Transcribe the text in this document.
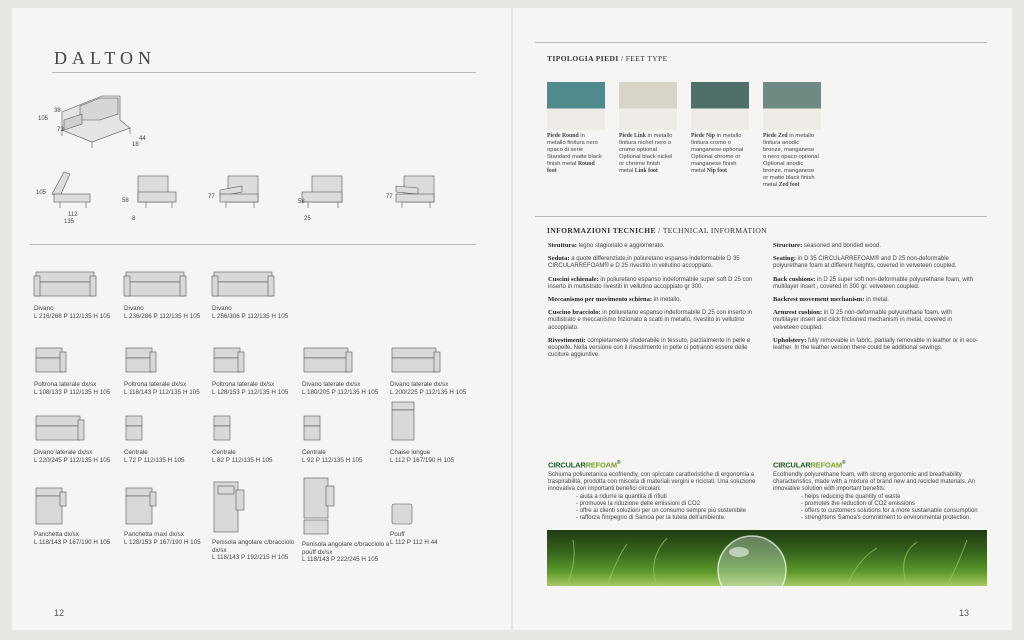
DALTON
105
38
73
44
18
105
112
135
58
8
77
58
25
77
Divano
L 216/266 P 112/135 H 105
Divano
L 236/286 P 112/135 H 105
Divano
L 256/306 P 112/135 H 105
Poltrona laterale dx/sx
L 108/133 P 112/135 H 105
Poltrona laterale dx/sx
L 118/143 P 112/135 H 105
Poltrona laterale dx/sx
L 128/153 P 112/135 H 105
Divano laterale dx/sx
L 180/205 P 112/135 H 105
Divano laterale dx/sx
L 200/225 P 112/135 H 105
Divano laterale dx/sx
L 220/245 P 112/135 H 105
Centrale
L 72 P 112/135 H 105
Centrale
L 82 P 112/135 H 105
Centrale
L 92 P 112/135 H 105
Chaise longue
L 112 P 167/190 H 105
Panchetta dx/sx
L 118/143 P 167/190 H 105
Panchetta maxi dx/sx
L 128/153 P 167/190 H 105	Penisola angolare c/bracciolo dx/sx
L 118/143 P 192/215 H 105
Penisola angolare c/bracciolo e pouff dx/sx
L 118/143 P 222/245 H 105
Pouff
L 112 P 112 H 44
12
TIPOLOGIA PIEDI / FEET TYPE
Piede Round in metallo finitura nero opaco di serie
Standard matte black finish metal Round foot
Piede Link in metallo finitura nichel nero o cromo optional
Optional black nickel or chrome finish metal Link foot
Piede Nip in metallo finitura cromo o manganese optional
Optional chrome or manganese finish metal Nip foot
Piede Zed in metallo finitura anodic bronze, manganese o nero opaco optional
Optional anodic bronze, manganese or matte black finish metal Zed foot
INFORMAZIONI TECNICHE / TECHNICAL INFORMATION

Struttura: legno stagionato e agglomerato.

Seduta: a quote differenziate,in poliuretano espanso indeformabile D 35 CIRCULARREFOAM® e D 25 rivestito in vellutino accoppiato.

Cuscini schienale: in poliuretano espanso indeformabile super soft D 25 con inserto in multistrato rivestiti in vellutino accoppiato gr 300.

Meccanismo per movimento schiena: in metallo.

Cuscino bracciolo: in poliuretano espanso indeformabile D 25 con inserto in multistrato e meccanismo frizionato a scatti in metallo, rivestito in vellutino accoppiato.

Rivestimenti: completamente sfoderabile in tessuto, parzialmente in pelle e ecopelle. Nella versione con il rivestimento in pelle ci potranno essere delle cuciture aggiuntive.

Structure: seasoned and bonded wood.

Seating: in D 35 CIRCULARREFOAM® and D 25 non-deformable polyurethane foam at different heights, covered in velveteen coupled.

Back cushions: in D 25 super soft non-deformable polyurethane foam, with multilayer insert , covered in 300 gr. velveteen coupled.

Backrest movement mechanism: in metal.

Armrest cushion: in D 25 non-deformable polyurethane foam, with multilayer insert and click frictioned mechanism in metal, covered in velveteen coupled.

Upholstery: fully removable in fabric, partially removable in leather or in eco-leather. In the leather version there could be additional sewings.

CIRCULARREFOAM®	CIRCULARREFOAM®
Schiuma poliuretanica ecofriendly, con spiccate caratteristiche di ergonomia e traspirabilità, prodotta con miscela di materiali vergini e riciclati. Una soluzione innovativa con importanti benefici circolari:
- aiuta a ridurre la quantità di rifiuti
- promuove la riduzione delle emissioni di CO2
- offre ai clienti soluzioni per un consumo sempre più sostenibile
- rafforza l'impegno di Samoa per la tutela dell'ambiente.
Ecofriendly polyurethane foam, with strong ergonomic and breathability characteristics, made with a mixture of brand new and recicled materials. An innovative solution with important benefits:
- helps reducing the quantity of waste
- promotes the reduction of CO2 emissions
- offers to customers solutions for a more sustainable consumption
- strenghtens Samoa's commitment to environmental protection.
13
